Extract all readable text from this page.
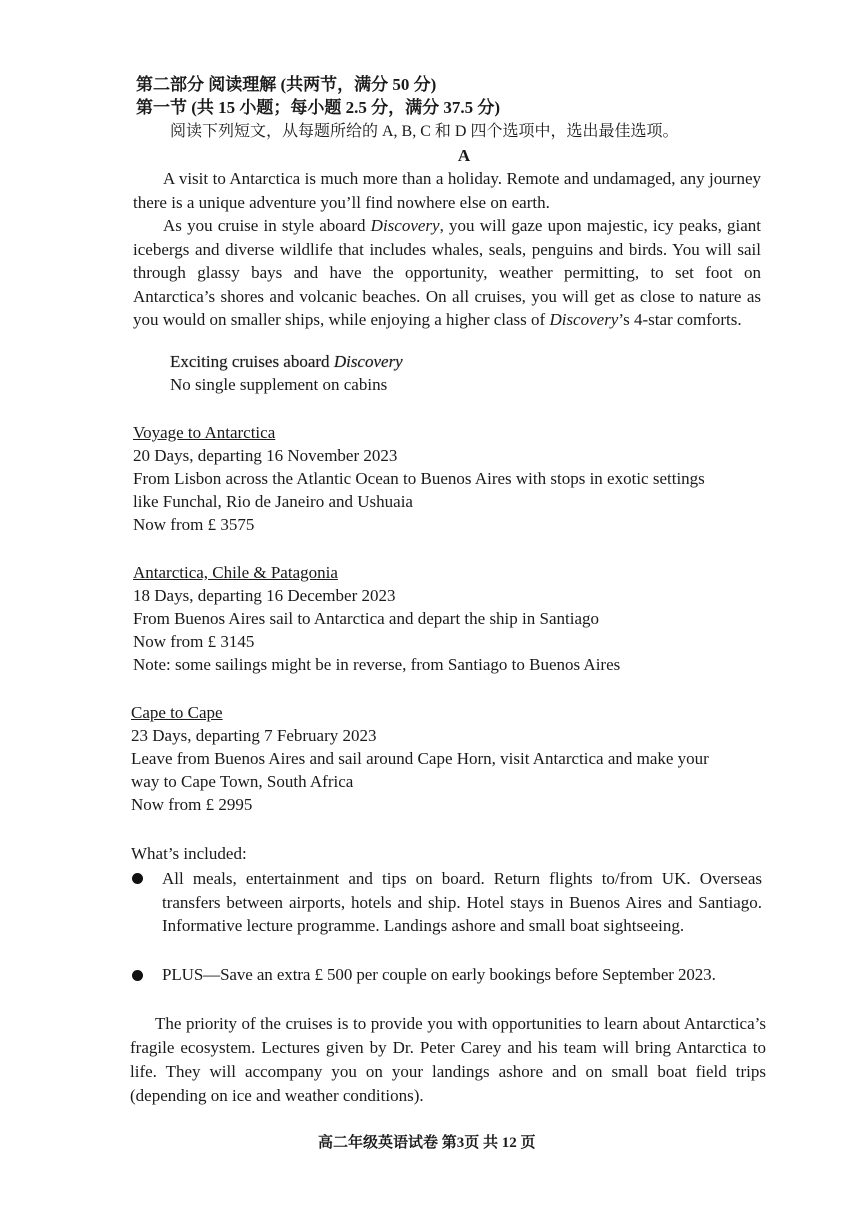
第二部分 阅读理解 (共两节，满分 50 分)
第一节 (共 15 小题；每小题 2.5 分，满分 37.5 分)
阅读下列短文，从每题所给的 A, B, C 和 D 四个选项中，选出最佳选项。
A
A visit to Antarctica is much more than a holiday. Remote and undamaged, any journey there is a unique adventure you’ll find nowhere else on earth.
As you cruise in style aboard Discovery, you will gaze upon majestic, icy peaks, giant icebergs and diverse wildlife that includes whales, seals, penguins and birds. You will sail through glassy bays and have the opportunity, weather permitting, to set foot on Antarctica’s shores and volcanic beaches. On all cruises, you will get as close to nature as you would on smaller ships, while enjoying a higher class of Discovery’s 4-star comforts.
Exciting cruises aboard Discovery
No single supplement on cabins
Voyage to Antarctica
20 Days, departing 16 November 2023
From Lisbon across the Atlantic Ocean to Buenos Aires with stops in exotic settings
like Funchal, Rio de Janeiro and Ushuaia
Now from £ 3575
Antarctica, Chile & Patagonia
18 Days, departing 16 December 2023
From Buenos Aires sail to Antarctica and depart the ship in Santiago
Now from £ 3145
Note: some sailings might be in reverse, from Santiago to Buenos Aires
Cape to Cape
23 Days, departing 7 February 2023
Leave from Buenos Aires and sail around Cape Horn, visit Antarctica and make your
way to Cape Town, South Africa
Now from £ 2995
What’s included:
All meals, entertainment and tips on board. Return flights to/from UK. Overseas transfers between airports, hotels and ship. Hotel stays in Buenos Aires and Santiago. Informative lecture programme. Landings ashore and small boat sightseeing.
PLUS—Save an extra £ 500 per couple on early bookings before September 2023.
The priority of the cruises is to provide you with opportunities to learn about Antarctica’s fragile ecosystem. Lectures given by Dr. Peter Carey and his team will bring Antarctica to life. They will accompany you on your landings ashore and on small boat field trips (depending on ice and weather conditions).
高二年级英语试卷 第3页 共 12 页
